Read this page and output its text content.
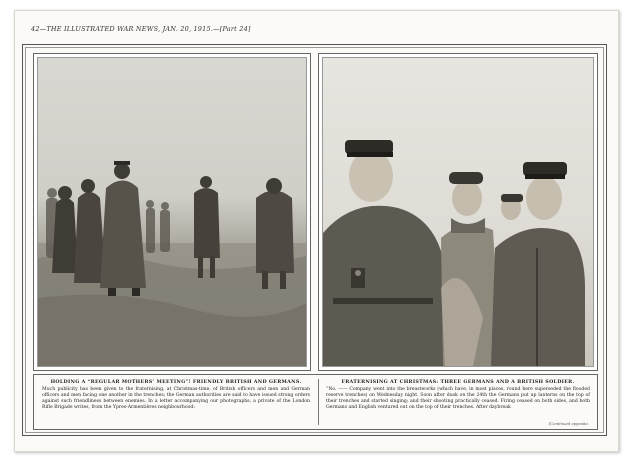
42—THE ILLUSTRATED WAR NEWS, JAN. 20, 1915.—[Part 24]
HOLDING A “REGULAR MOTHERS’ MEETING”! FRIENDLY BRITISH AND GERMANS.
Much publicity has been given to the fraternising, at Christmas-time, of British officers and men and German officers and men facing one another in the trenches; the German authorities are said to have issued strong orders against such friendliness between enemies. In a letter accompanying our photographs, a private of the London Rifle Brigade writes, from the Ypres-Armentières neighbourhood:
FRATERNISING AT CHRISTMAS: THREE GERMANS AND A BRITISH SOLDIER.
“No. —— Company went into the breastworks (which have, in most places, round here superseded the flooded reserve trenches) on Wednesday night. Soon after dusk on the 24th the Germans put up lanterns on the top of their trenches and started singing; and their shooting practically ceased. Firing ceased on both sides, and both Germans and English ventured out on the top of their trenches. After daybreak
[Continued opposite.
